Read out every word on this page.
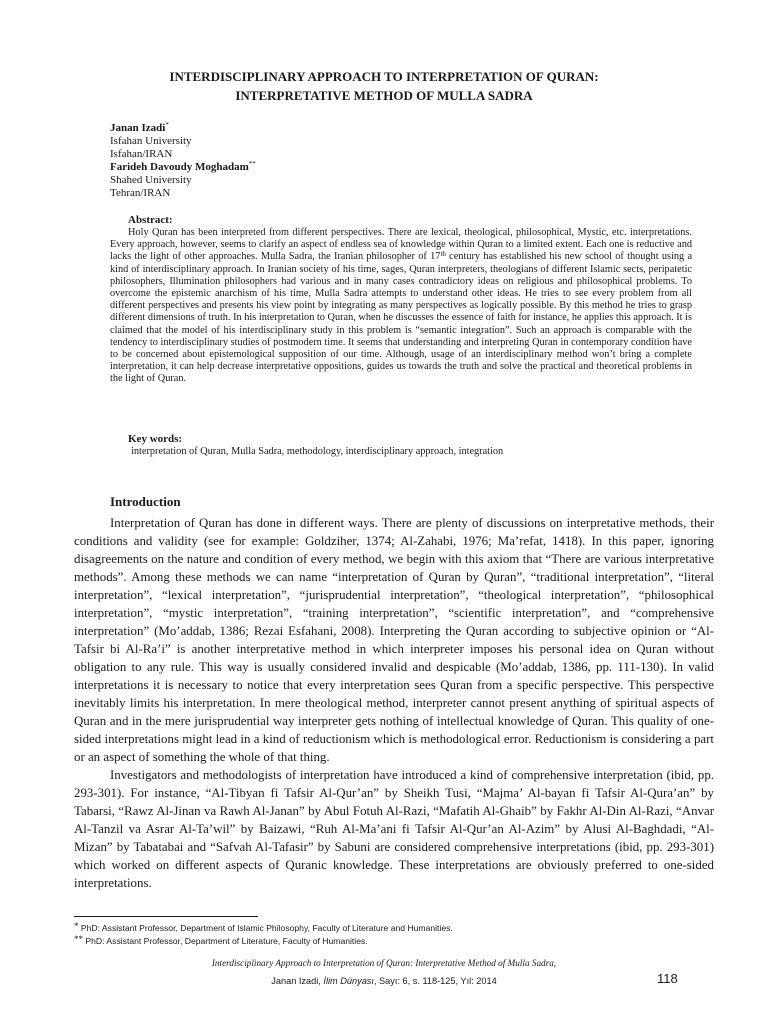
INTERDISCIPLINARY APPROACH TO INTERPRETATION OF QURAN:
INTERPRETATIVE METHOD OF MULLA SADRA
Janan Izadi*
Isfahan University
Isfahan/IRAN
Farideh Davoudy Moghadam**
Shahed University
Tehran/IRAN
Abstract:
Holy Quran has been interpreted from different perspectives. There are lexical, theological, philosophical, Mystic, etc. interpretations. Every approach, however, seems to clarify an aspect of endless sea of knowledge within Quran to a limited extent. Each one is reductive and lacks the light of other approaches. Mulla Sadra, the Iranian philosopher of 17th century has established his new school of thought using a kind of interdisciplinary approach. In Iranian society of his time, sages, Quran interpreters, theologians of different Islamic sects, peripatetic philosophers, Illumination philosophers had various and in many cases contradictory ideas on religious and philosophical problems. To overcome the epistemic anarchism of his time, Mulla Sadra attempts to understand other ideas. He tries to see every problem from all different perspectives and presents his view point by integrating as many perspectives as logically possible. By this method he tries to grasp different dimensions of truth. In his interpretation to Quran, when he discusses the essence of faith for instance, he applies this approach. It is claimed that the model of his interdisciplinary study in this problem is “semantic integration”. Such an approach is comparable with the tendency to interdisciplinary studies of postmodern time. It seems that understanding and interpreting Quran in contemporary condition have to be concerned about epistemological supposition of our time. Although, usage of an interdisciplinary method won’t bring a complete interpretation, it can help decrease interpretative oppositions, guides us towards the truth and solve the practical and theoretical problems in the light of Quran.
Key words:
interpretation of Quran, Mulla Sadra, methodology, interdisciplinary approach, integration
Introduction

Interpretation of Quran has done in different ways. There are plenty of discussions on interpretative methods, their conditions and validity (see for example: Goldziher, 1374; Al-Zahabi, 1976; Ma’refat, 1418). In this paper, ignoring disagreements on the nature and condition of every method, we begin with this axiom that “There are various interpretative methods”. Among these methods we can name “interpretation of Quran by Quran”, “traditional interpretation”, “literal interpretation”, “lexical interpretation”, “jurisprudential interpretation”, “theological interpretation”, “philosophical interpretation”, “mystic interpretation”, “training interpretation”, “scientific interpretation”, and “comprehensive interpretation” (Mo’addab, 1386; Rezai Esfahani, 2008). Interpreting the Quran according to subjective opinion or “Al-Tafsir bi Al-Ra’i” is another interpretative method in which interpreter imposes his personal idea on Quran without obligation to any rule. This way is usually considered invalid and despicable (Mo’addab, 1386, pp. 111-130). In valid interpretations it is necessary to notice that every interpretation sees Quran from a specific perspective. This perspective inevitably limits his interpretation. In mere theological method, interpreter cannot present anything of spiritual aspects of Quran and in the mere jurisprudential way interpreter gets nothing of intellectual knowledge of Quran. This quality of one-sided interpretations might lead in a kind of reductionism which is methodological error. Reductionism is considering a part or an aspect of something the whole of that thing.

Investigators and methodologists of interpretation have introduced a kind of comprehensive interpretation (ibid, pp. 293-301). For instance, “Al-Tibyan fi Tafsir Al-Qur’an” by Sheikh Tusi, “Majma’ Al-bayan fi Tafsir Al-Qura’an” by Tabarsi, “Rawz Al-Jinan va Rawh Al-Janan” by Abul Fotuh Al-Razi, “Mafatih Al-Ghaib” by Fakhr Al-Din Al-Razi, “Anvar Al-Tanzil va Asrar Al-Ta’wil” by Baizawi, “Ruh Al-Ma’ani fi Tafsir Al-Qur’an Al-Azim” by Alusi Al-Baghdadi, “Al-Mizan” by Tabatabai and “Safvah Al-Tafasir” by Sabuni are considered comprehensive interpretations (ibid, pp. 293-301) which worked on different aspects of Quranic knowledge. These interpretations are obviously preferred to one-sided interpretations.

* PhD: Assistant Professor, Department of Islamic Philosophy, Faculty of Literature and Humanities.
** PhD: Assistant Professor, Department of Literature, Faculty of Humanities.
Interdisciplinary Approach to Interpretation of Quran: Interpretative Method of Mulla Sadra,
Janan Izadi, İlim Dünyası, Sayı: 6, s. 118-125, Yıl: 2014	118
